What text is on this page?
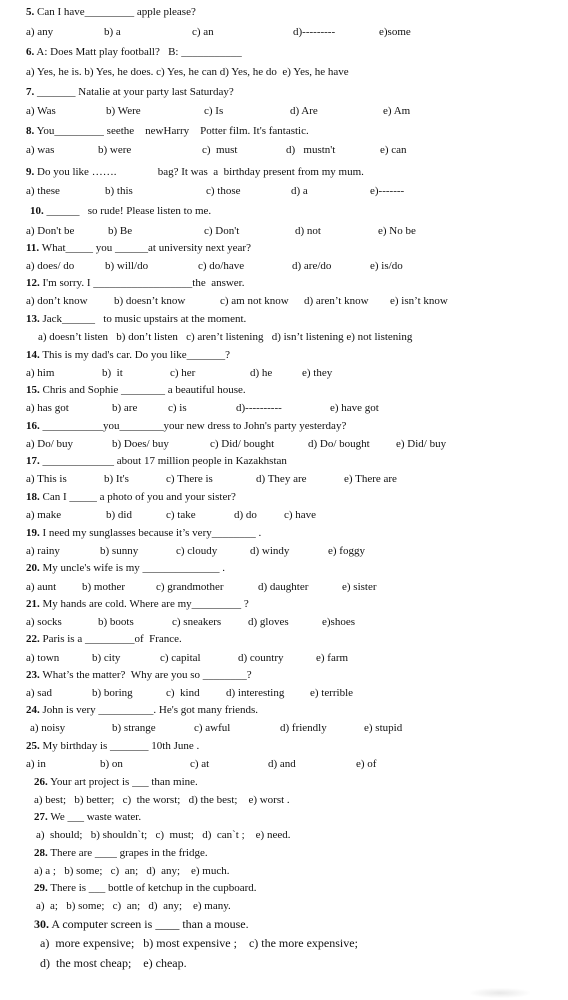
5. Can I have_________ apple please?

a) any

	b) a

	c) an

	d)---------

	e)some

6. A: Does Matt play football?   B: ___________

a) Yes, he is. b) Yes, he does. c) Yes, he can d) Yes, he do  e) Yes, he have

7. _______ Natalie at your party last Saturday?

a) Was

	b) Were

	c) Is

	d) Are

	e) Am

8. You_________ seethe    newHarry    Potter film. It's fantastic.

a) was

	b) were

	c)  must

	d)   mustn't

	e) can

9. Do you like …….               bag? It was  a  birthday present from my mum.

a) these

	b) this

	c) those

	d) a

	e)-------

10. ______   so rude! Please listen to me.

a) Don't be

	b) Be

	c) Don't

	d) not

	e) No be

11. What_____ you ______at university next year?

a) does/ do

	b) will/do

	c) do/have

	d) are/do

	e) is/do

12. I'm sorry. I __________________the  answer.

a) don’t know

b) doesn’t know

	c) am not know

d) aren’t know

e) isn’t know

13. Jack______   to music upstairs at the moment.

a) doesn’t listen   b) don’t listen   c) aren’t listening   d) isn’t listening e) not listening

14. This is my dad's car. Do you like_______?

a) him

	b)  it

	c) her

	d) he

	e) they

15. Chris and Sophie ________ a beautiful house.

a) has got

	b) are

	c) is

	d)----------

	e) have got

16. ___________you________your new dress to John's party yesterday?

a) Do/ buy

	b) Does/ buy

	c) Did/ bought

	d) Do/ bought

e) Did/ buy

17. _____________ about 17 million people in Kazakhstan

a) This is

	b) It's

	c) There is

	d) They are

	e) There are

18. Can I _____ a photo of you and your sister?

a) make

	b) did

	c) take

	d) do

c) have

19. I need my sunglasses because it’s very________ .

a) rainy

	b) sunny

	c) cloudy

	d) windy

	e) foggy

20. My uncle's wife is my ______________ .

a) aunt

b) mother

	c) grandmother

	d) daughter

	e) sister

21. My hands are cold. Where are my_________ ?

a) socks

	b) boots

	c) sneakers

d) gloves

	e)shoes

22. Paris is a _________of  France.

a) town

	b) city

	c) capital

	d) country

	e) farm

23. What’s the matter?  Why are you so ________?

a) sad

	b) boring

	c)  kind

d) interesting

e) terrible

24. John is very __________. He's got many friends.

a) noisy

	b) strange

	c) awful

	d) friendly

	e) stupid

25. My birthday is _______ 10th June .

a) in

	b) on

	c) at

	d) and

	e) of

26. Your art project is ___ than mine.

a) best;   b) better;   c)  the worst;   d) the best;    e) worst .

27. We ___ waste water.

a)  should;   b) shouldn`t;   c)  must;   d)  can`t ;    e) need.

28. There are ____ grapes in the fridge.

a) a ;   b) some;   c)  an;   d)  any;    e) much.

29. There is ___ bottle of ketchup in the cupboard.

a)  a;   b) some;   c)  an;   d)  any;    e) many.

30. A computer screen is ____ than a mouse.

a)  more expensive;   b) most expensive ;    c) the more expensive;

d)  the most cheap;    e) cheap.
